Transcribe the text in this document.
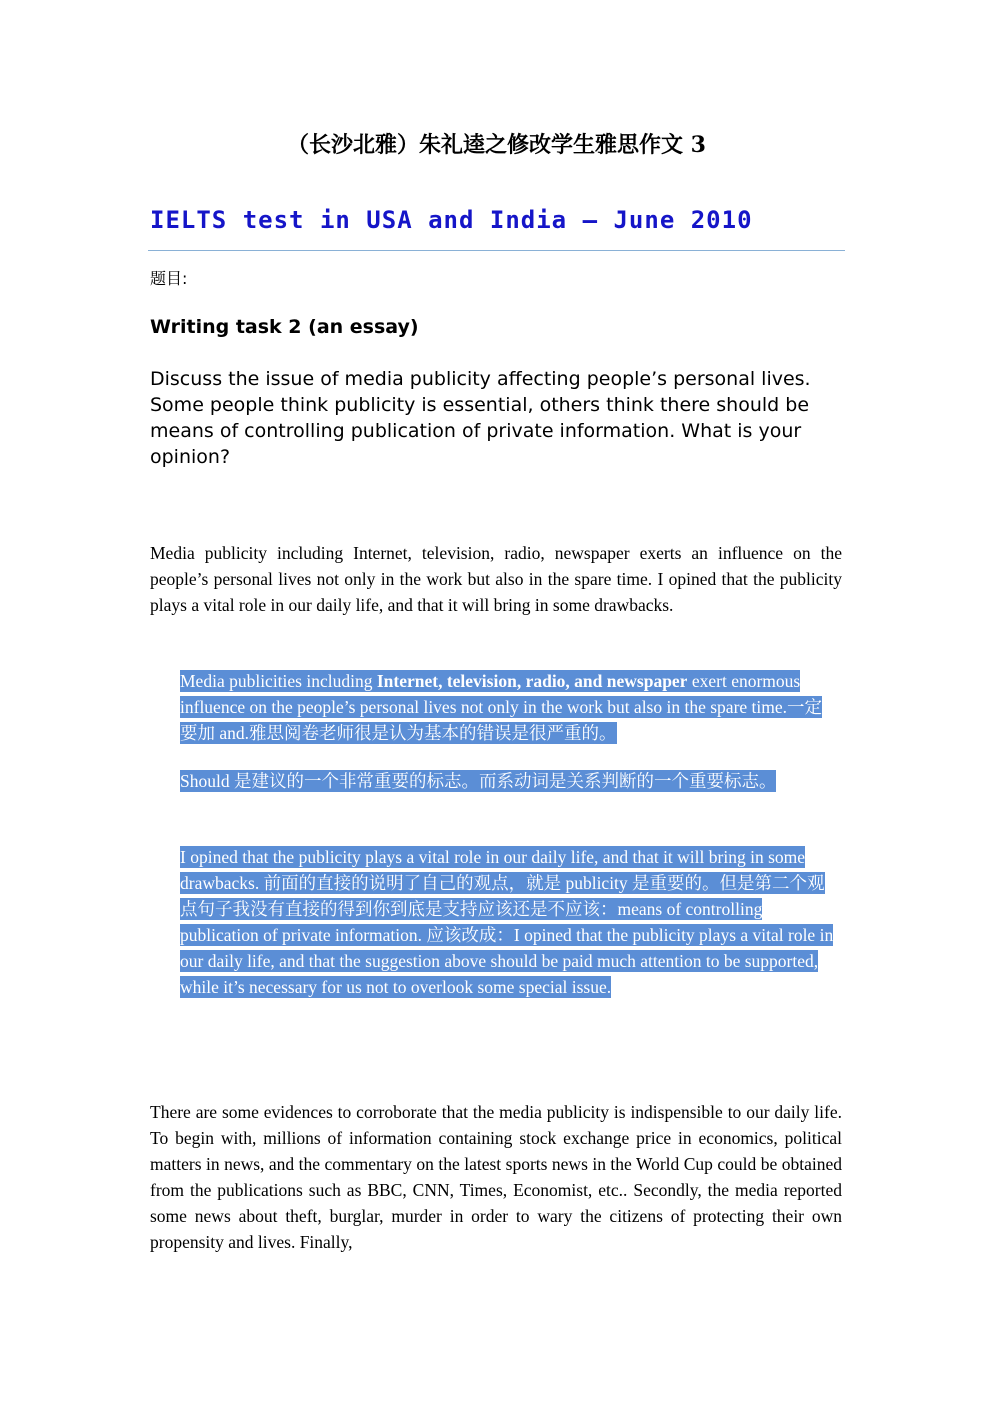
（长沙北雅）朱礼逵之修改学生雅思作文 3
IELTS test in USA and India – June 2010
题目:
Writing task 2 (an essay)
Discuss the issue of media publicity affecting people’s personal lives. Some people think publicity is essential, others think there should be means of controlling publication of private information. What is your opinion?
Media publicity including Internet, television, radio, newspaper exerts an influence on the people’s personal lives not only in the work but also in the spare time. I opined that the publicity plays a vital role in our daily life, and that it will bring in some drawbacks.
Media publicities including Internet, television, radio, and newspaper exert enormous influence on the people’s personal lives not only in the work but also in the spare time.一定要加 and.雅思阅卷老师很是认为基本的错误是很严重的。
Should 是建议的一个非常重要的标志。而系动词是关系判断的一个重要标志。
I opined that the publicity plays a vital role in our daily life, and that it will bring in some drawbacks. 前面的直接的说明了自己的观点，就是 publicity 是重要的。但是第二个观点句子我没有直接的得到你到底是支持应该还是不应该：means of controlling publication of private information. 应该改成：I opined that the publicity plays a vital role in our daily life, and that the suggestion above should be paid much attention to be supported, while it’s necessary for us not to overlook some special issue.
There are some evidences to corroborate that the media publicity is indispensible to our daily life. To begin with, millions of information containing stock exchange price in economics, political matters in news, and the commentary on the latest sports news in the World Cup could be obtained from the publications such as BBC, CNN, Times, Economist, etc.. Secondly, the media reported some news about theft, burglar, murder in order to wary the citizens of protecting their own propensity and lives. Finally,
